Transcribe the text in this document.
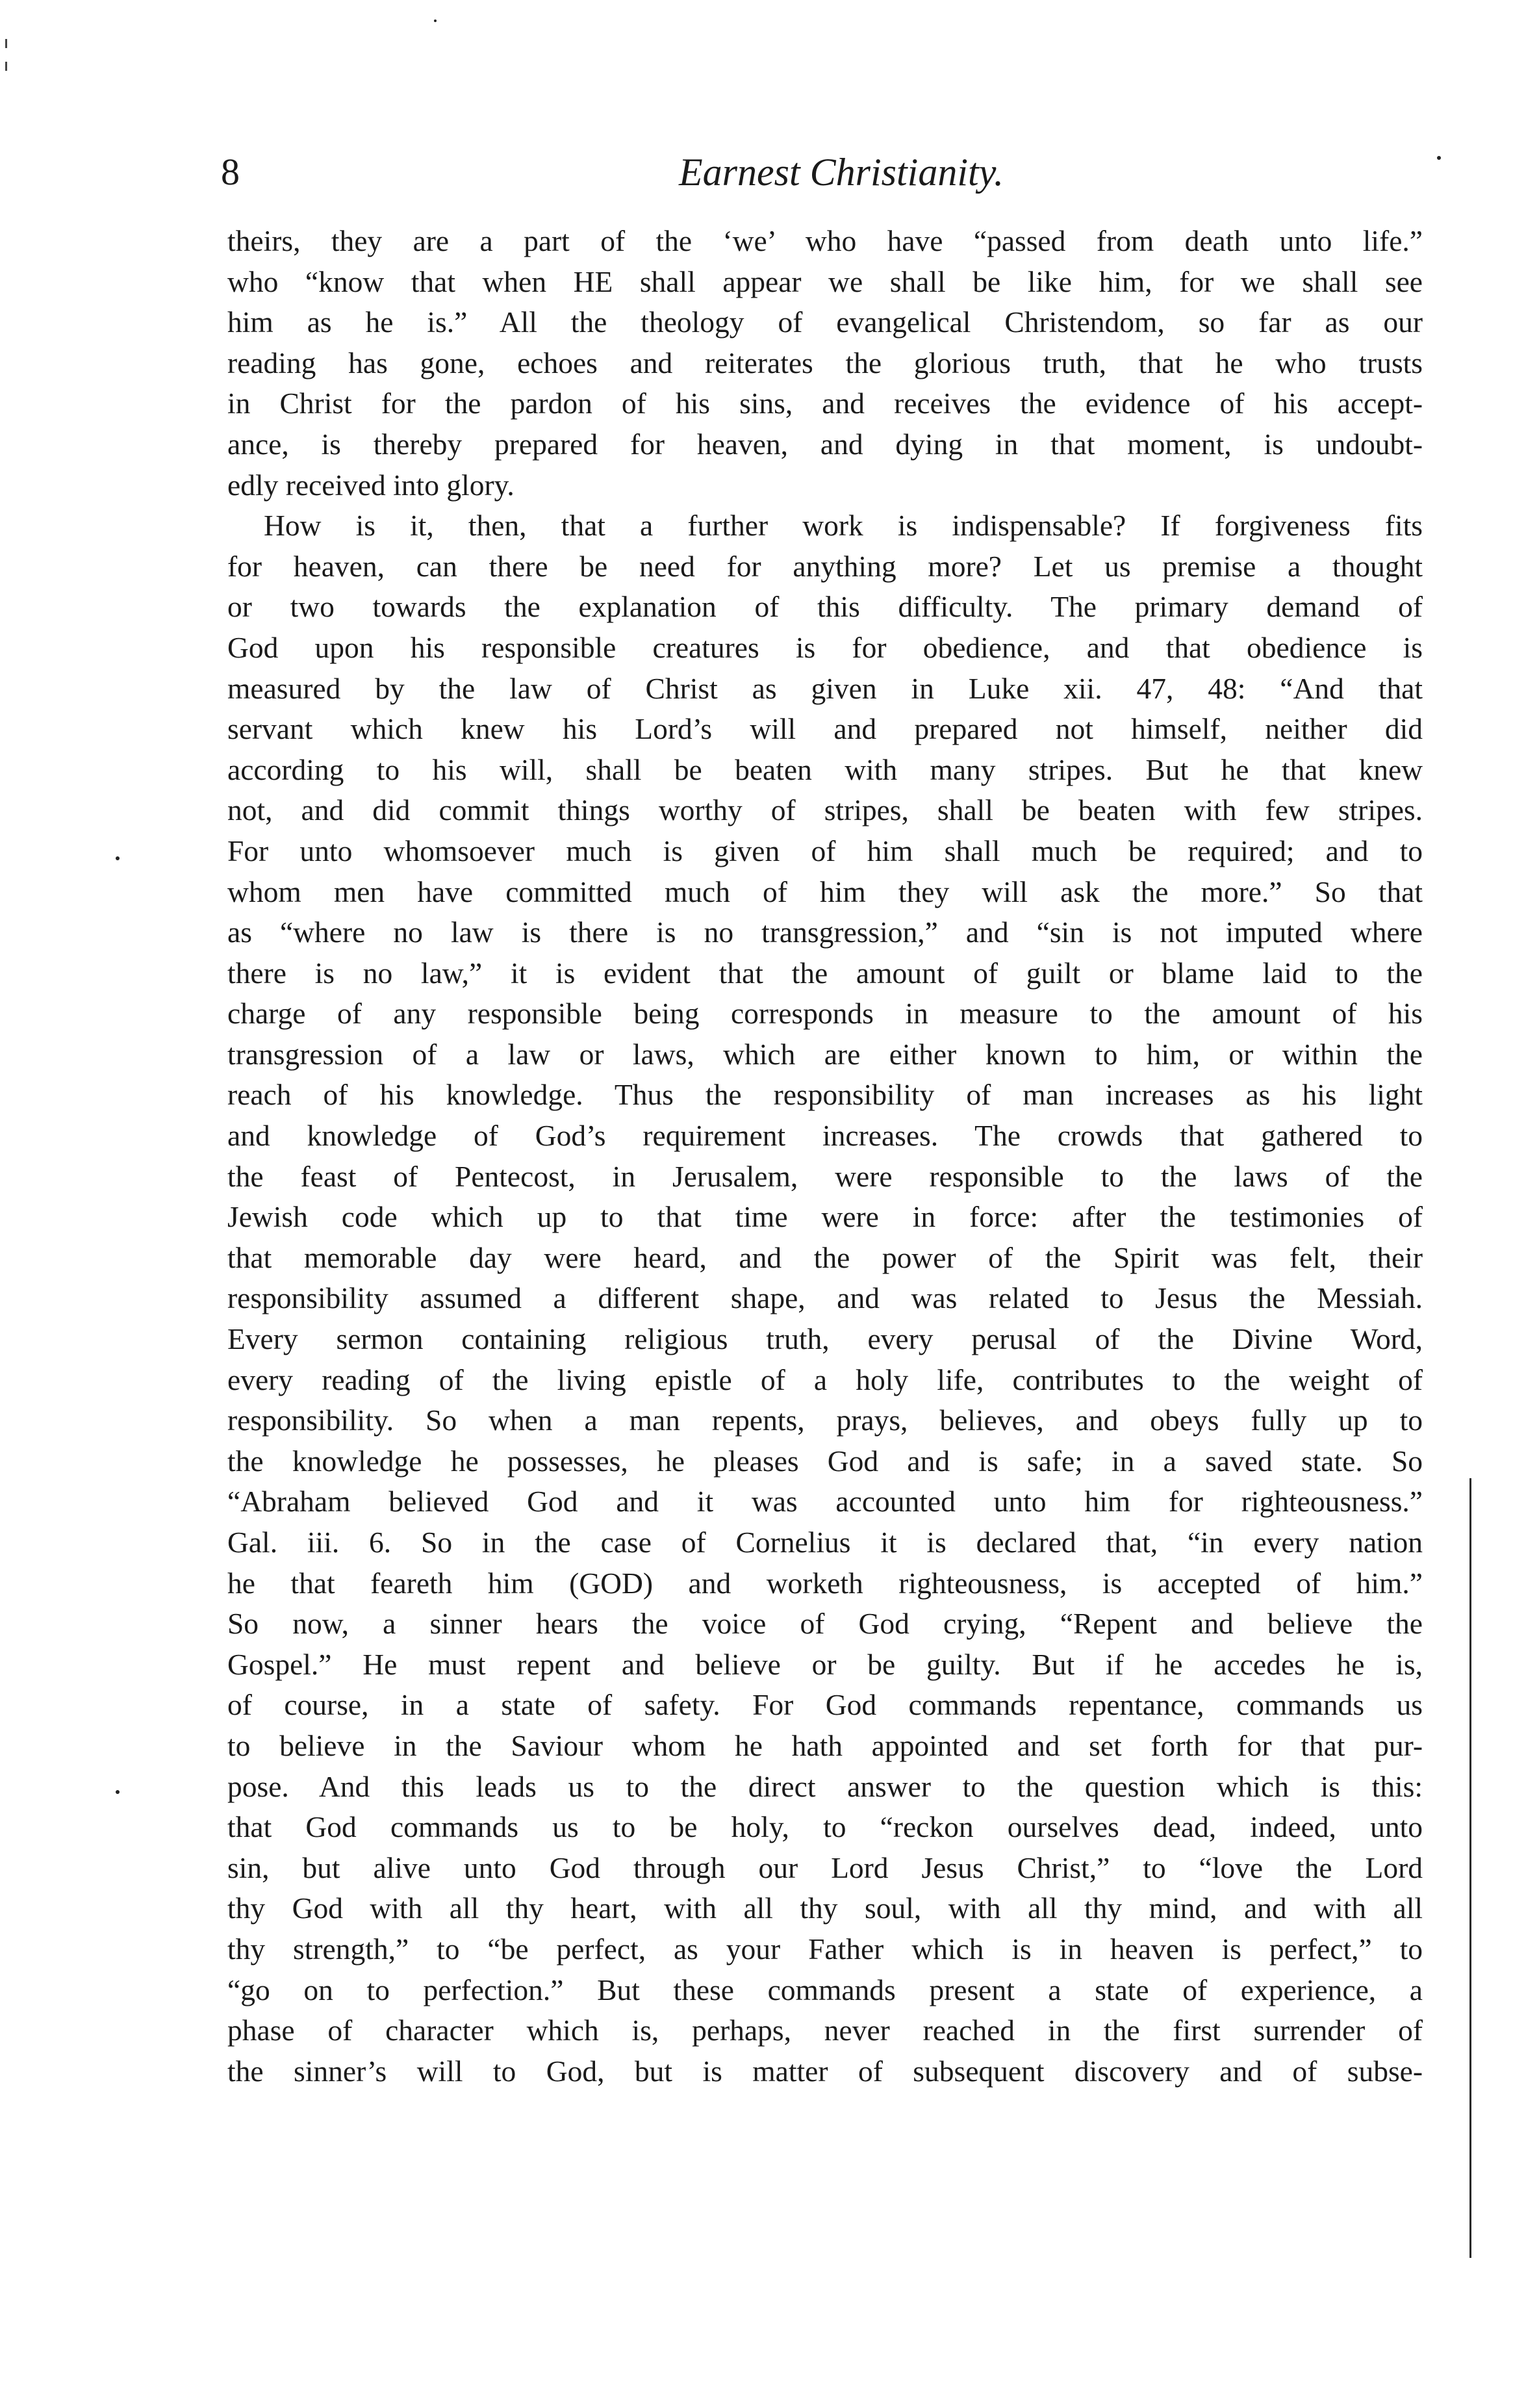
8	Earnest Christianity.
theirs, they are a part of the ‘we’ who have “passed from death unto life.”
who “know that when HE shall appear we shall be like him, for we shall see
him as he is.” All the theology of evangelical Christendom, so far as our
reading has gone, echoes and reiterates the glorious truth, that he who trusts
in Christ for the pardon of his sins, and receives the evidence of his accept-
ance, is thereby prepared for heaven, and dying in that moment, is undoubt-
edly received into glory.
How is it, then, that a further work is indispensable? If forgiveness fits
for heaven, can there be need for anything more? Let us premise a thought
or two towards the explanation of this difficulty. The primary demand of
God upon his responsible creatures is for obedience, and that obedience is
measured by the law of Christ as given in Luke xii. 47, 48: “And that
servant which knew his Lord’s will and prepared not himself, neither did
according to his will, shall be beaten with many stripes. But he that knew
not, and did commit things worthy of stripes, shall be beaten with few stripes.
For unto whomsoever much is given of him shall much be required; and to
whom men have committed much of him they will ask the more.” So that
as “where no law is there is no transgression,” and “sin is not imputed where
there is no law,” it is evident that the amount of guilt or blame laid to the
charge of any responsible being corresponds in measure to the amount of his
transgression of a law or laws, which are either known to him, or within the
reach of his knowledge. Thus the responsibility of man increases as his light
and knowledge of God’s requirement increases. The crowds that gathered to
the feast of Pentecost, in Jerusalem, were responsible to the laws of the
Jewish code which up to that time were in force: after the testimonies of
that memorable day were heard, and the power of the Spirit was felt, their
responsibility assumed a different shape, and was related to Jesus the Messiah.
Every sermon containing religious truth, every perusal of the Divine Word,
every reading of the living epistle of a holy life, contributes to the weight of
responsibility. So when a man repents, prays, believes, and obeys fully up to
the knowledge he possesses, he pleases God and is safe; in a saved state. So
“Abraham believed God and it was accounted unto him for righteousness.”
Gal. iii. 6. So in the case of Cornelius it is declared that, “in every nation
he that feareth him (GOD) and worketh righteousness, is accepted of him.”
So now, a sinner hears the voice of God crying, “Repent and believe the
Gospel.” He must repent and believe or be guilty. But if he accedes he is,
of course, in a state of safety. For God commands repentance, commands us
to believe in the Saviour whom he hath appointed and set forth for that pur-
pose. And this leads us to the direct answer to the question which is this:
that God commands us to be holy, to “reckon ourselves dead, indeed, unto
sin, but alive unto God through our Lord Jesus Christ,” to “love the Lord
thy God with all thy heart, with all thy soul, with all thy mind, and with all
thy strength,” to “be perfect, as your Father which is in heaven is perfect,” to
“go on to perfection.” But these commands present a state of experience, a
phase of character which is, perhaps, never reached in the first surrender of
the sinner’s will to God, but is matter of subsequent discovery and of subse-
